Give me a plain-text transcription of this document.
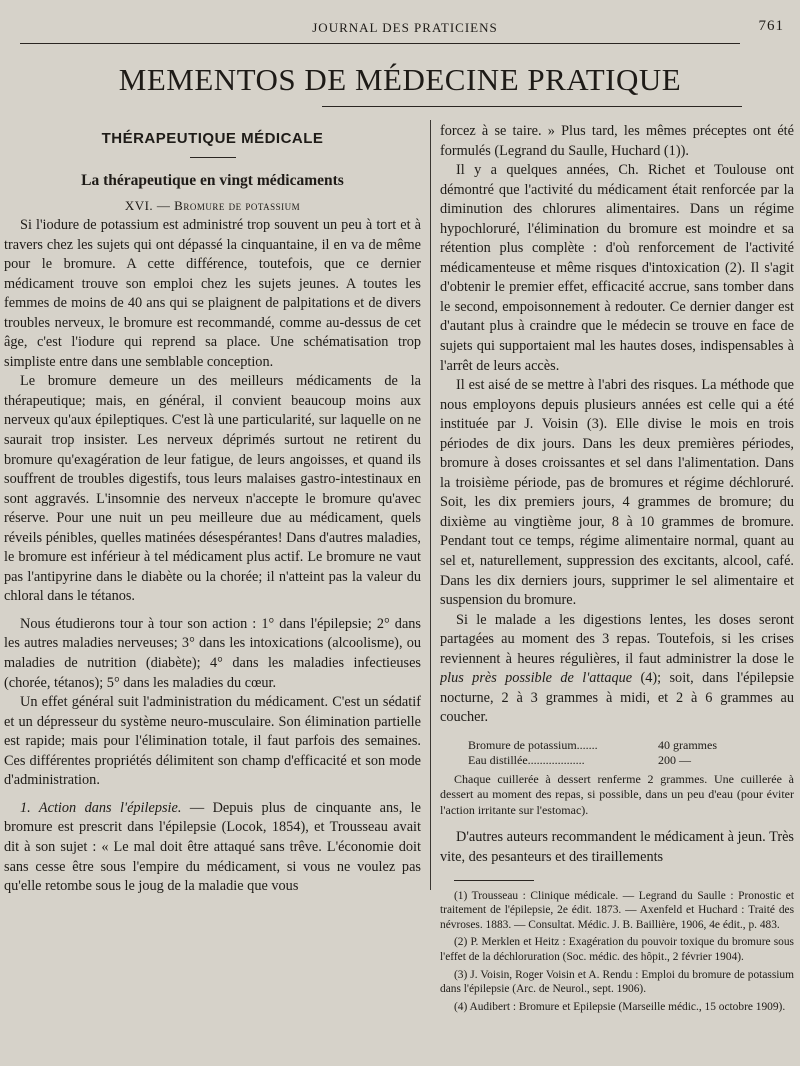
JOURNAL DES PRATICIENS	761
MEMENTOS DE MÉDECINE PRATIQUE
THÉRAPEUTIQUE MÉDICALE
La thérapeutique en vingt médicaments
XVI. — Bromure de potassium

Si l'iodure de potassium est administré trop souvent un peu à tort et à travers chez les sujets qui ont dépassé la cinquantaine, il en va de même pour le bromure. A cette différence, toutefois, que ce dernier médicament trouve son emploi chez les sujets jeunes. A toutes les femmes de moins de 40 ans qui se plaignent de palpitations et de divers troubles nerveux, le bromure est recommandé, comme au-dessus de cet âge, c'est l'iodure qui reprend sa place. Une schématisation trop simpliste entre dans une semblable conception.

Le bromure demeure un des meilleurs médicaments de la thérapeutique; mais, en général, il convient beaucoup moins aux nerveux qu'aux épileptiques. C'est là une particularité, sur laquelle on ne saurait trop insister. Les nerveux déprimés surtout ne retirent du bromure qu'exagération de leur fatigue, de leurs angoisses, et quand ils souffrent de troubles digestifs, tous leurs malaises gastro-intestinaux en sont aggravés. L'insomnie des nerveux n'accepte le bromure qu'avec réserve. Pour une nuit un peu meilleure due au médicament, quels réveils pénibles, quelles matinées désespérantes! Dans d'autres maladies, le bromure est inférieur à tel médicament plus actif. Le bromure ne vaut pas l'antipyrine dans le diabète ou la chorée; il n'atteint pas la valeur du chloral dans le tétanos.

Nous étudierons tour à tour son action : 1° dans l'épilepsie; 2° dans les autres maladies nerveuses; 3° dans les intoxications (alcoolisme), ou maladies de nutrition (diabète); 4° dans les maladies infectieuses (chorée, tétanos); 5° dans les maladies du cœur.

Un effet général suit l'administration du médicament. C'est un sédatif et un dépresseur du système neuro-musculaire. Son élimination partielle est rapide; mais pour l'élimination totale, il faut parfois des semaines. Ces différentes propriétés délimitent son champ d'efficacité et son mode d'administration.

1. Action dans l'épilepsie. — Depuis plus de cinquante ans, le bromure est prescrit dans l'épilepsie (Locok, 1854), et Trousseau avait dit à son sujet : « Le mal doit être attaqué sans trêve. L'économie doit sans cesse être sous l'empire du médicament, si vous ne voulez pas qu'elle retombe sous le joug de la maladie que vous

forcez à se taire. » Plus tard, les mêmes préceptes ont été formulés (Legrand du Saulle, Huchard (1)).

Il y a quelques années, Ch. Richet et Toulouse ont démontré que l'activité du médicament était renforcée par la diminution des chlorures alimentaires. Dans un régime hypochloruré, l'élimination du bromure est moindre et sa rétention plus complète : d'où renforcement de l'activité médicamenteuse et même risques d'intoxication (2). Il s'agit d'obtenir le premier effet, efficacité accrue, sans tomber dans le second, empoisonnement à redouter. Ce dernier danger est d'autant plus à craindre que le médecin se trouve en face de sujets qui supportaient mal les hautes doses, indispensables à l'arrêt de leurs accès.

Il est aisé de se mettre à l'abri des risques. La méthode que nous employons depuis plusieurs années est celle qui a été instituée par J. Voisin (3). Elle divise le mois en trois périodes de dix jours. Dans les deux premières périodes, bromure à doses croissantes et sel dans l'alimentation. Dans la troisième période, pas de bromures et régime déchloruré. Soit, les dix premiers jours, 4 grammes de bromure; du dixième au vingtième jour, 8 à 10 grammes de bromure. Pendant tout ce temps, régime alimentaire normal, quant au sel et, naturellement, suppression des excitants, alcool, café. Dans les dix derniers jours, supprimer le sel alimentaire et suspension du bromure.

Si le malade a les digestions lentes, les doses seront partagées au moment des 3 repas. Toutefois, si les crises reviennent à heures régulières, il faut administrer la dose le plus près possible de l'attaque (4); soit, dans l'épilepsie nocturne, 2 à 3 grammes à midi, et 2 à 6 grammes au coucher.

Bromure de potassium.......	40 grammes
Eau distillée...................	200 —
Chaque cuillerée à dessert renferme 2 grammes. Une cuillerée à dessert au moment des repas, si possible, dans un peu d'eau (pour éviter l'action irritante sur l'estomac).

D'autres auteurs recommandent le médicament à jeun. Très vite, des pesanteurs et des tiraillements

(1) Trousseau : Clinique médicale. — Legrand du Saulle : Pronostic et traitement de l'épilepsie, 2e édit. 1873. — Axenfeld et Huchard : Traité des névroses. 1883. — Consultat. Médic. J. B. Baillière, 1906, 4e édit., p. 483.
(2) P. Merklen et Heitz : Exagération du pouvoir toxique du bromure sous l'effet de la déchloruration (Soc. médic. des hôpit., 2 février 1904).
(3) J. Voisin, Roger Voisin et A. Rendu : Emploi du bromure de potassium dans l'épilepsie (Arc. de Neurol., sept. 1906).
(4) Audibert : Bromure et Epilepsie (Marseille médic., 15 octobre 1909).
